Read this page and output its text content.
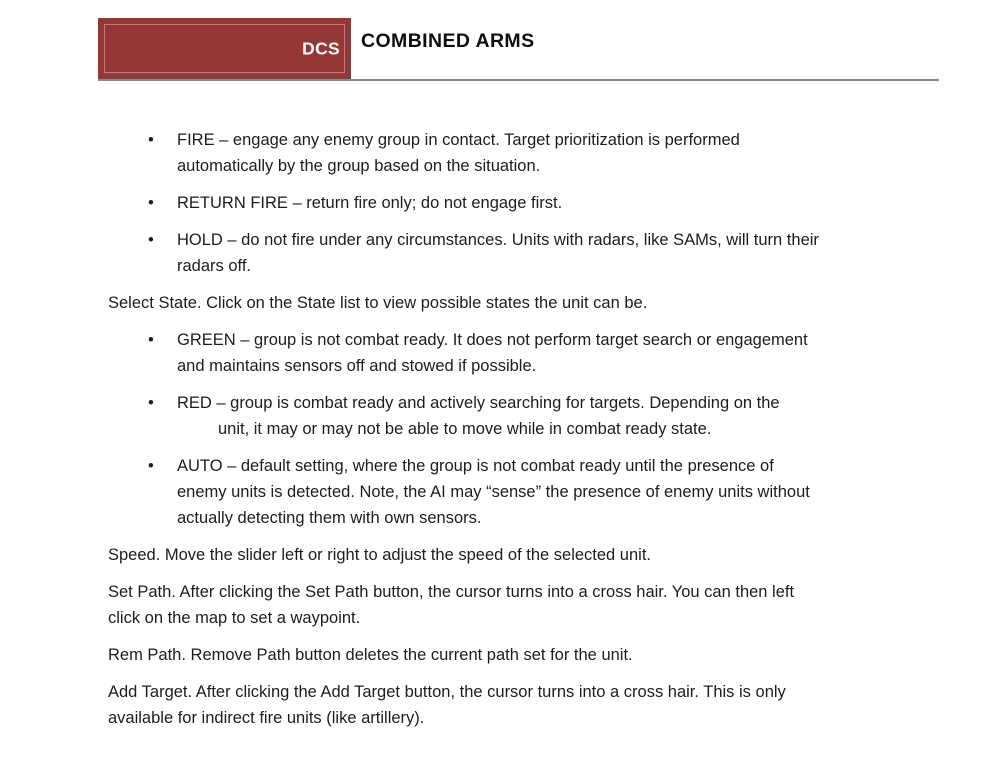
DCS COMBINED ARMS
• FIRE – engage any enemy group in contact. Target prioritization is performed
automatically by the group based on the situation.
• RETURN FIRE – return fire only; do not engage first.
• HOLD – do not fire under any circumstances. Units with radars, like SAMs, will turn their
radars off.
Select State. Click on the State list to view possible states the unit can be.
• GREEN – group is not combat ready. It does not perform target search or engagement
and maintains sensors off and stowed if possible.
• RED – group is combat ready and actively searching for targets. Depending on the
unit, it may or may not be able to move while in combat ready state.
• AUTO – default setting, where the group is not combat ready until the presence of
enemy units is detected. Note, the AI may “sense” the presence of enemy units without
actually detecting them with own sensors.
Speed. Move the slider left or right to adjust the speed of the selected unit.
Set Path. After clicking the Set Path button, the cursor turns into a cross hair. You can then left
click on the map to set a waypoint.
Rem Path. Remove Path button deletes the current path set for the unit.
Add Target. After clicking the Add Target button, the cursor turns into a cross hair. This is only
available for indirect fire units (like artillery).
